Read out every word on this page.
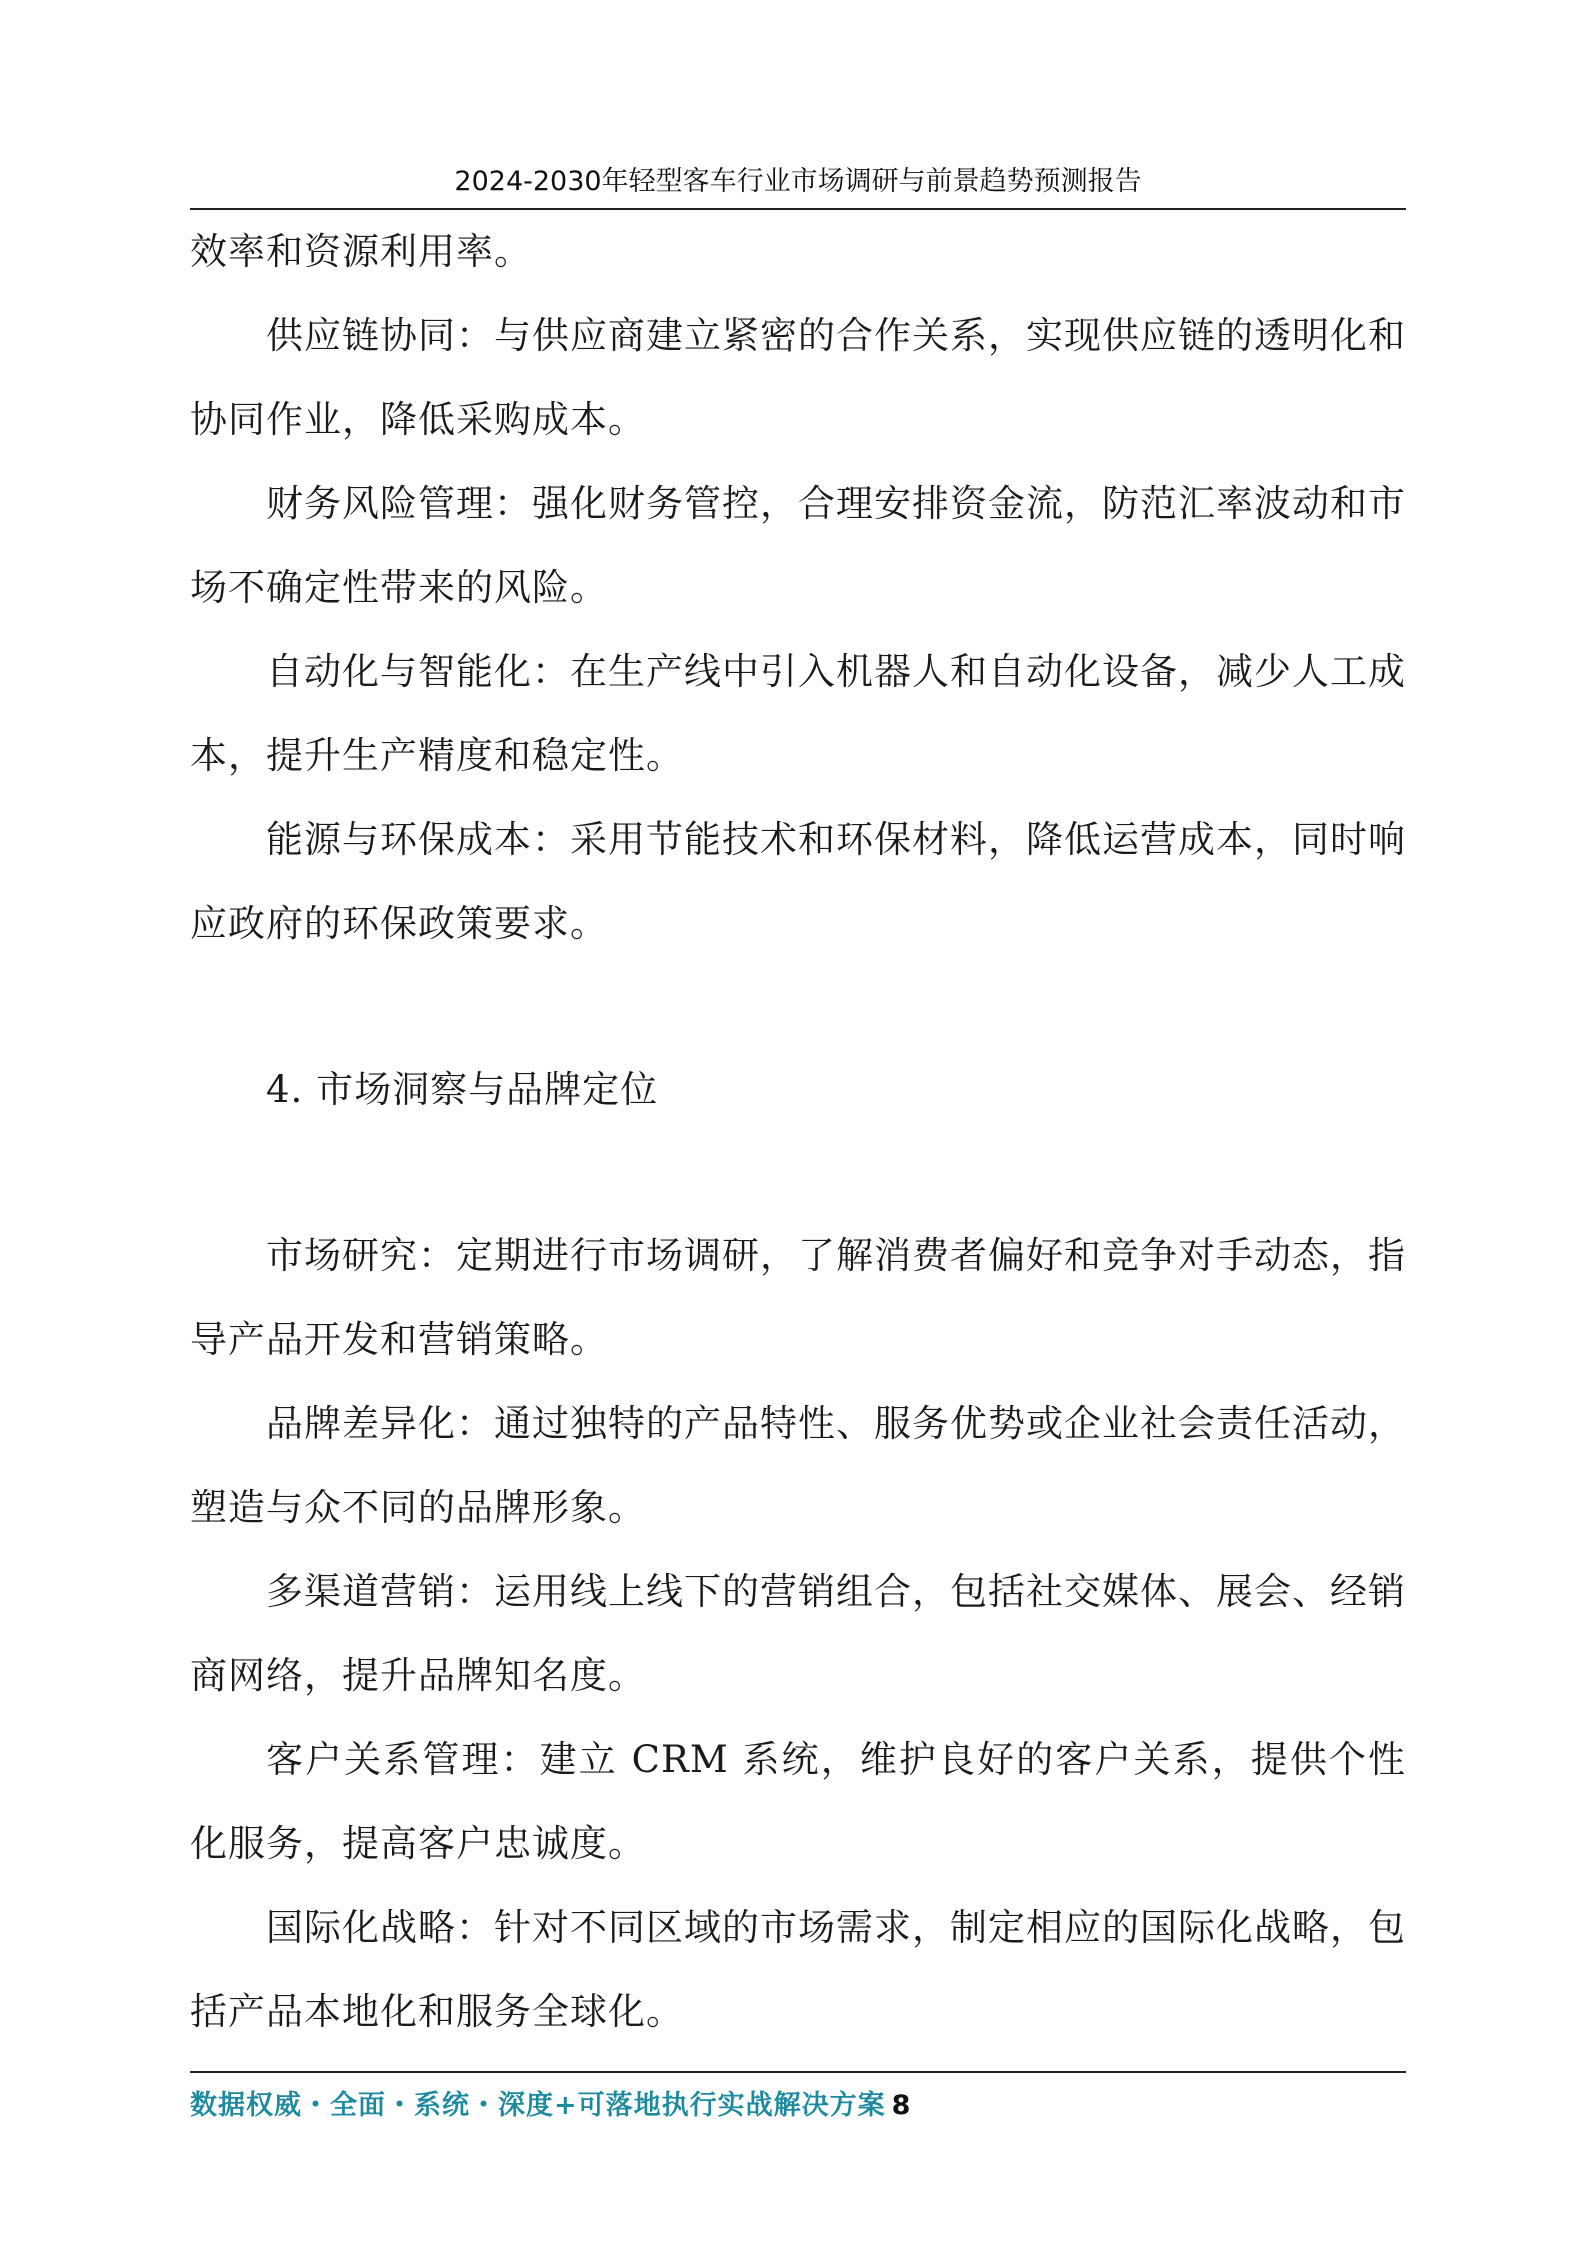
2024-2030年轻型客车行业市场调研与前景趋势预测报告

效率和资源利用率。

供应链协同：与供应商建立紧密的合作关系，实现供应链的透明化和协同作业，降低采购成本。

财务风险管理：强化财务管控，合理安排资金流，防范汇率波动和市场不确定性带来的风险。

自动化与智能化：在生产线中引入机器人和自动化设备，减少人工成本，提升生产精度和稳定性。

能源与环保成本：采用节能技术和环保材料，降低运营成本，同时响应政府的环保政策要求。

4. 市场洞察与品牌定位

市场研究：定期进行市场调研，了解消费者偏好和竞争对手动态，指导产品开发和营销策略。

品牌差异化：通过独特的产品特性、服务优势或企业社会责任活动，塑造与众不同的品牌形象。

多渠道营销：运用线上线下的营销组合，包括社交媒体、展会、经销商网络，提升品牌知名度。

客户关系管理：建立 CRM 系统，维护良好的客户关系，提供个性化服务，提高客户忠诚度。

国际化战略：针对不同区域的市场需求，制定相应的国际化战略，包括产品本地化和服务全球化。

数据权威・全面・系统・深度+可落地执行实战解决方案 8
